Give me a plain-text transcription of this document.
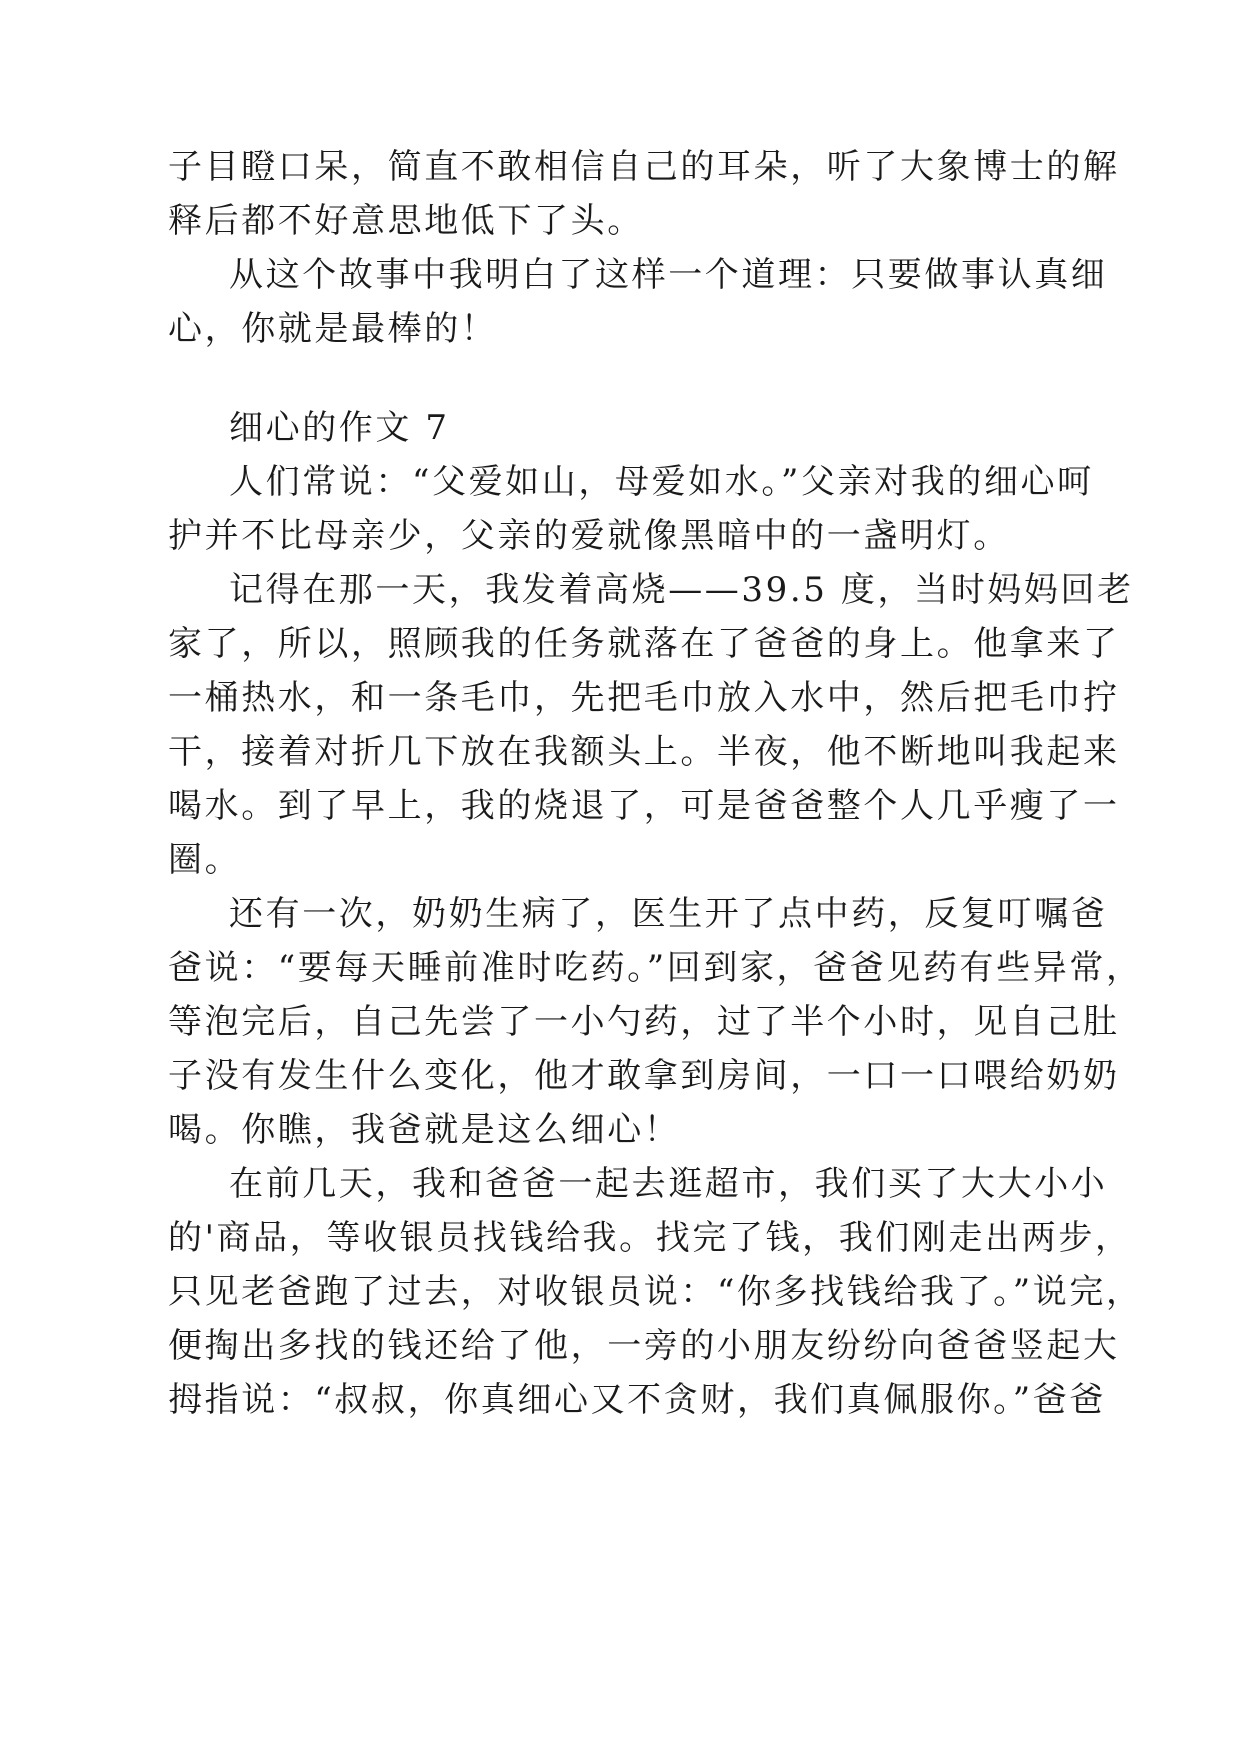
子目瞪口呆，简直不敢相信自己的耳朵，听了大象博士的解
释后都不好意思地低下了头。
从这个故事中我明白了这样一个道理：只要做事认真细
心，你就是最棒的！
细心的作文 7
人们常说：“父爱如山，母爱如水。”父亲对我的细心呵
护并不比母亲少，父亲的爱就像黑暗中的一盏明灯。
记得在那一天，我发着高烧——39.5 度，当时妈妈回老
家了，所以，照顾我的任务就落在了爸爸的身上。他拿来了
一桶热水，和一条毛巾，先把毛巾放入水中，然后把毛巾拧
干，接着对折几下放在我额头上。半夜，他不断地叫我起来
喝水。到了早上，我的烧退了，可是爸爸整个人几乎瘦了一
圈。
还有一次，奶奶生病了，医生开了点中药，反复叮嘱爸
爸说：“要每天睡前准时吃药。”回到家，爸爸见药有些异常，
等泡完后，自己先尝了一小勺药，过了半个小时，见自己肚
子没有发生什么变化，他才敢拿到房间，一口一口喂给奶奶
喝。你瞧，我爸就是这么细心！
在前几天，我和爸爸一起去逛超市，我们买了大大小小
的'商品，等收银员找钱给我。找完了钱，我们刚走出两步，
只见老爸跑了过去，对收银员说：“你多找钱给我了。”说完，
便掏出多找的钱还给了他，一旁的小朋友纷纷向爸爸竖起大
拇指说：“叔叔，你真细心又不贪财，我们真佩服你。”爸爸
